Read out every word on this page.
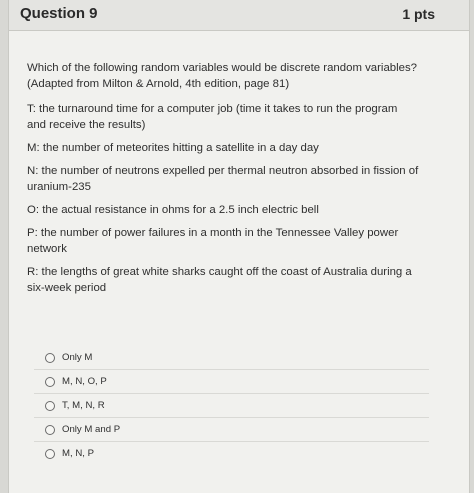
Question 9	1 pts

Which of the following random variables would be discrete random variables?
(Adapted from Milton & Arnold, 4th edition, page 81)

T: the turnaround time for a computer job (time it takes to run the program and receive the results)

M: the number of meteorites hitting a satellite in a day day

N: the number of neutrons expelled per thermal neutron absorbed in fission of uranium-235

O: the actual resistance in ohms for a 2.5 inch electric bell

P: the number of power failures in a month in the Tennessee Valley power network

R: the lengths of great white sharks caught off the coast of Australia during a six-week period

Only M
M, N, O, P
T, M, N, R
Only M and P
M, N, P
